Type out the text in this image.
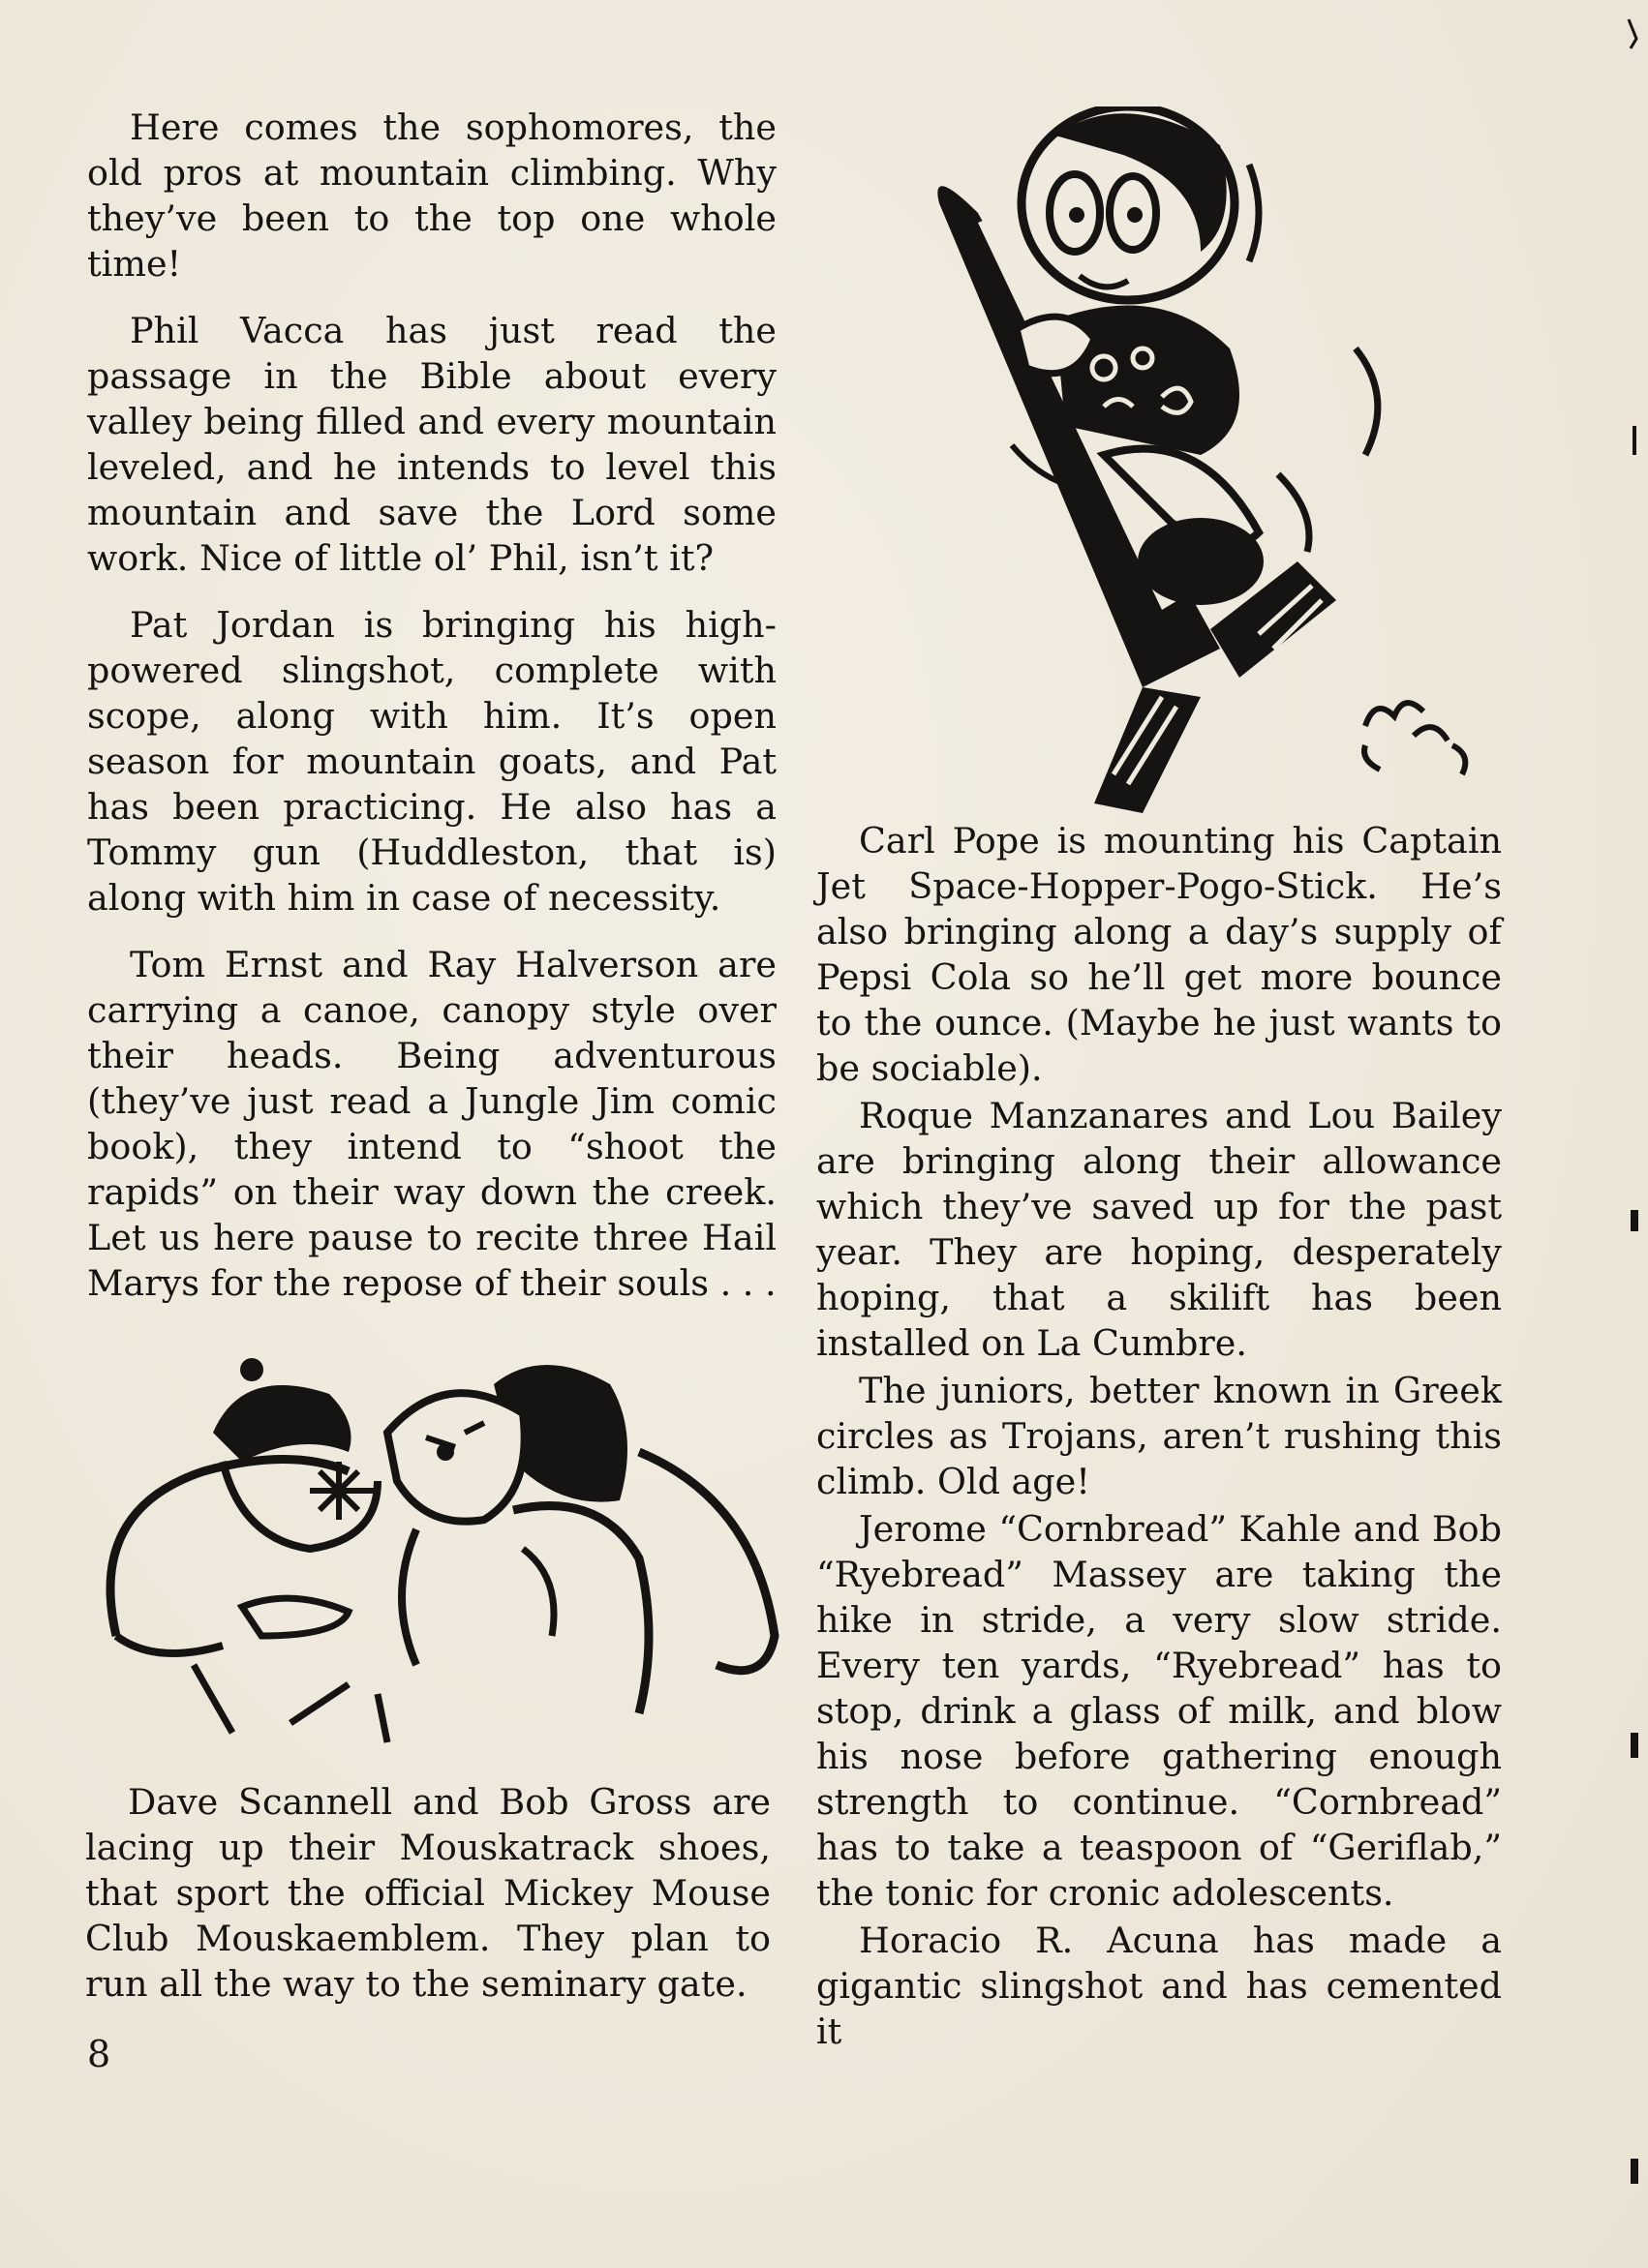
Here comes the sophomores, the old pros at mountain climbing. Why they’ve been to the top one whole time!

Phil Vacca has just read the passage in the Bible about every valley being filled and every mountain leveled, and he intends to level this mountain and save the Lord some work. Nice of little ol’ Phil, isn’t it?

Pat Jordan is bringing his high-powered slingshot, complete with scope, along with him. It’s open season for mountain goats, and Pat has been practicing. He also has a Tommy gun (Huddleston, that is) along with him in case of necessity.

Tom Ernst and Ray Halverson are carrying a canoe, canopy style over their heads. Being adventurous (they’ve just read a Jungle Jim comic book), they intend to “shoot the rapids” on their way down the creek. Let us here pause to recite three Hail Marys for the repose of their souls . . .

Carl Pope is mounting his Captain Jet Space-Hopper-Pogo-Stick. He’s also bringing along a day’s supply of Pepsi Cola so he’ll get more bounce to the ounce. (Maybe he just wants to be sociable).

Roque Manzanares and Lou Bailey are bringing along their allowance which they’ve saved up for the past year. They are hoping, desperately hoping, that a skilift has been installed on La Cumbre.

The juniors, better known in Greek circles as Trojans, aren’t rushing this climb. Old age!

Jerome “Cornbread” Kahle and Bob “Ryebread” Massey are taking the hike in stride, a very slow stride. Every ten yards, “Ryebread” has to stop, drink a glass of milk, and blow his nose before gathering enough strength to continue. “Cornbread” has to take a teaspoon of “Geriflab,” the tonic for cronic adolescents.

Horacio R. Acuna has made a gigantic slingshot and has cemented it

Dave Scannell and Bob Gross are lacing up their Mouskatrack shoes, that sport the official Mickey Mouse Club Mouskaemblem. They plan to run all the way to the seminary gate.

8
